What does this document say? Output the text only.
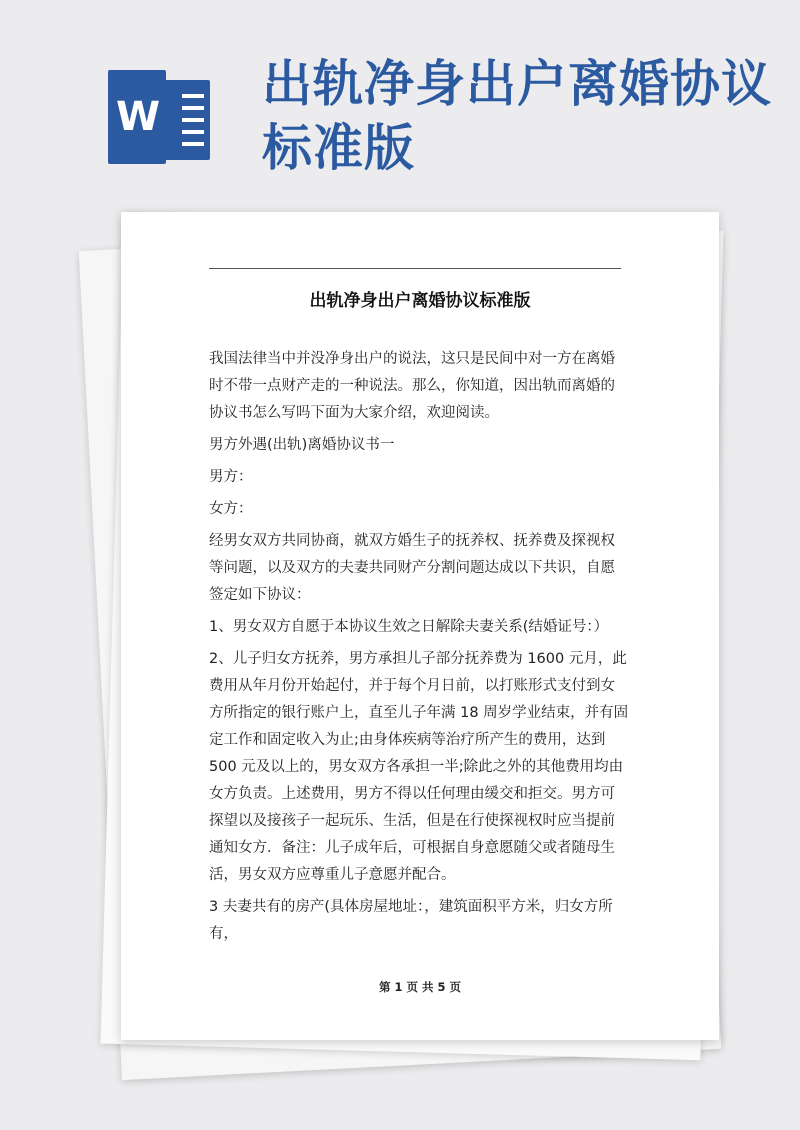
W
出轨净身出户离婚协议标准版
出轨净身出户离婚协议标准版

我国法律当中并没净身出户的说法，这只是民间中对一方在离婚时不带一点财产走的一种说法。那么，你知道，因出轨而离婚的协议书怎么写吗下面为大家介绍，欢迎阅读。

男方外遇(出轨)离婚协议书一

男方：

女方：

经男女双方共同协商，就双方婚生子的抚养权、抚养费及探视权等问题，以及双方的夫妻共同财产分割问题达成以下共识，自愿签定如下协议：

1、男女双方自愿于本协议生效之日解除夫妻关系(结婚证号：）

2、儿子归女方抚养，男方承担儿子部分抚养费为 1600 元月，此费用从年月份开始起付，并于每个月日前，以打账形式支付到女方所指定的银行账户上，直至儿子年满 18 周岁学业结束，并有固定工作和固定收入为止;由身体疾病等治疗所产生的费用，达到 500 元及以上的，男女双方各承担一半;除此之外的其他费用均由女方负责。上述费用，男方不得以任何理由缓交和拒交。男方可探望以及接孩子一起玩乐、生活，但是在行使探视权时应当提前通知女方．备注：儿子成年后，可根据自身意愿随父或者随母生活，男女双方应尊重儿子意愿并配合。

3 夫妻共有的房产(具体房屋地址：，建筑面积平方米，归女方所有，

第 1 页 共 5 页
